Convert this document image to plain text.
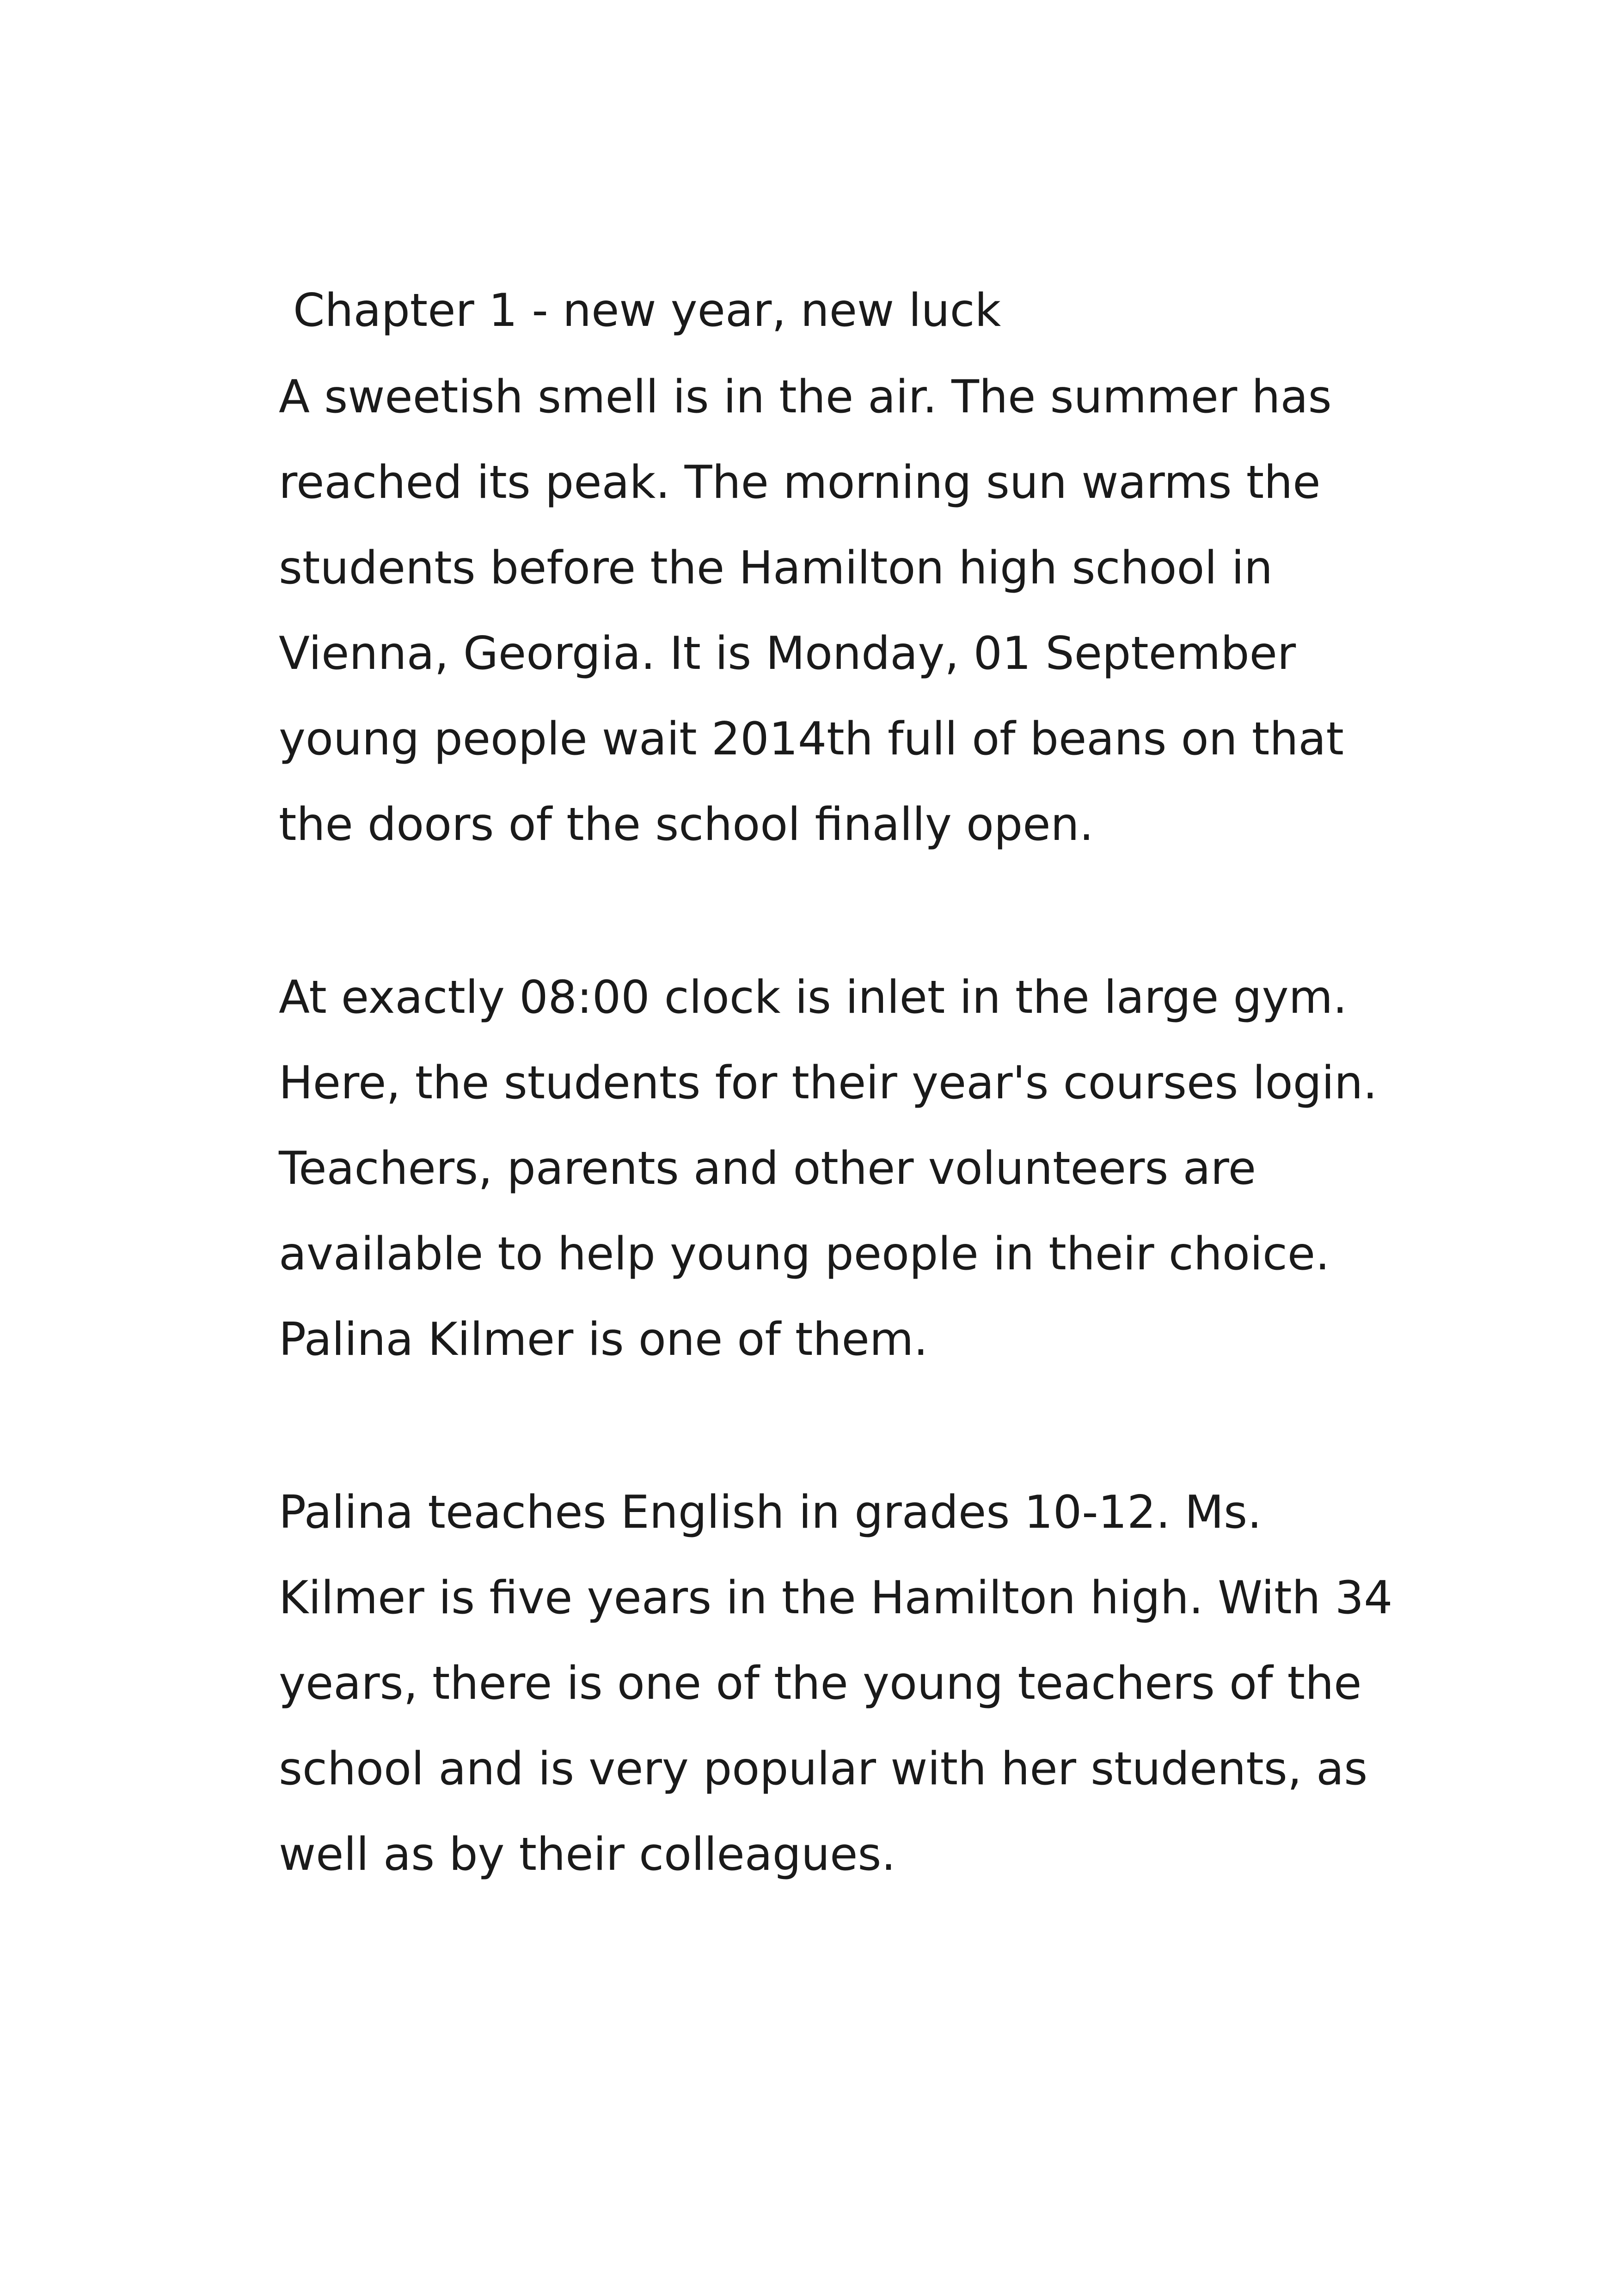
Chapter 1 - new year, new luck

A sweetish smell is in the air. The summer has
reached its peak. The morning sun warms the
students before the Hamilton high school in
Vienna, Georgia. It is Monday, 01 September
young people wait 2014th full of beans on that
the doors of the school finally open.

At exactly 08:00 clock is inlet in the large gym.
Here, the students for their year's courses login.
Teachers, parents and other volunteers are
available to help young people in their choice.
Palina Kilmer is one of them.

Palina teaches English in grades 10-12. Ms.
Kilmer is five years in the Hamilton high. With 34
years, there is one of the young teachers of the
school and is very popular with her students, as
well as by their colleagues.
